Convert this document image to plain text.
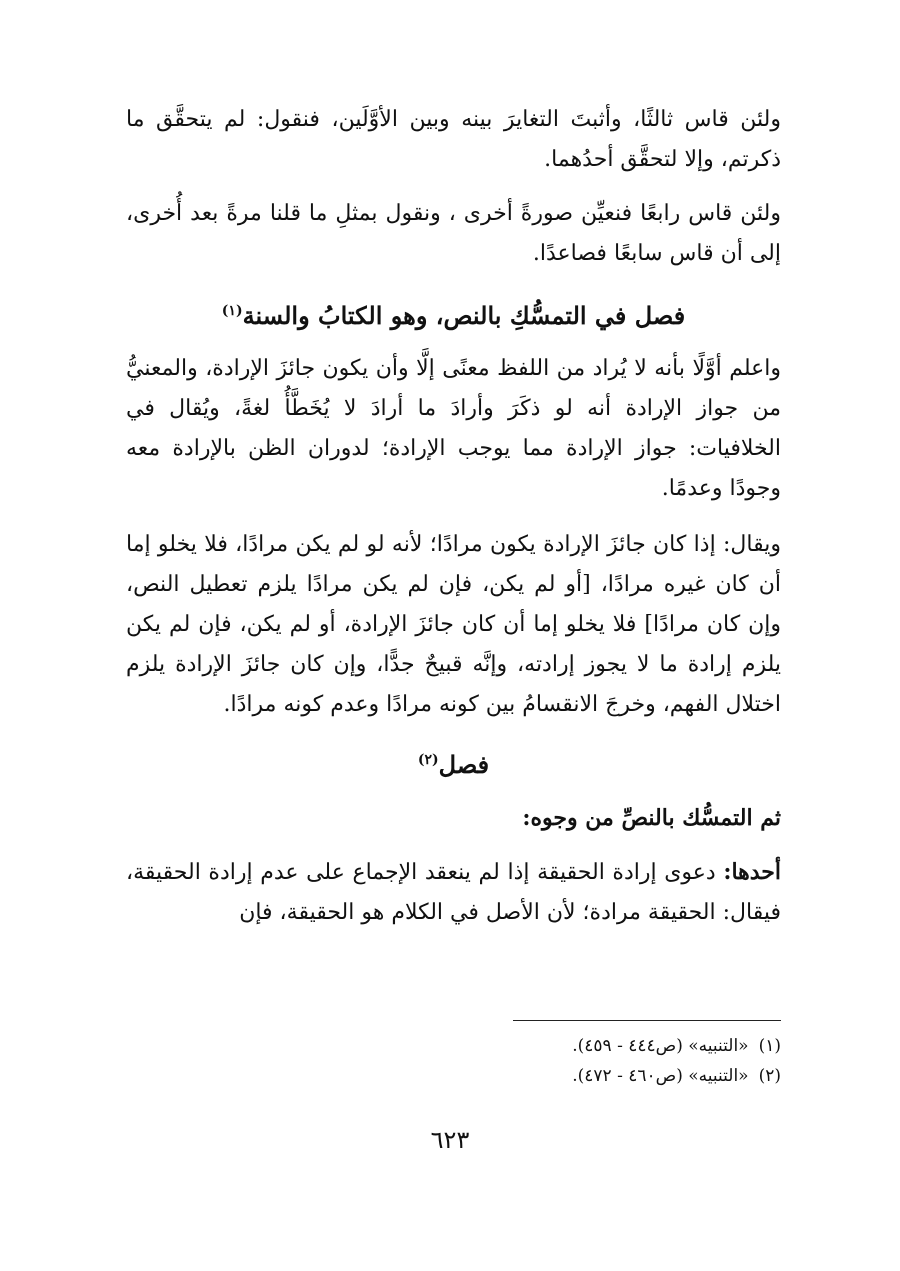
ولئن قاس ثالثًا، وأثبتَ التغايرَ بينه وبين الأوَّلَين، فنقول: لم يتحقَّق ما ذكرتم، وإلا لتحقَّق أحدُهما.

ولئن قاس رابعًا فنعيِّن صورةً أخرى ، ونقول بمثلِ ما قلنا مرةً بعد أُخرى، إلى أن قاس سابعًا فصاعدًا.

فصل في التمسُّكِ بالنص، وهو الكتابُ والسنة$^{(١)}$

واعلم أوَّلًا بأنه لا يُراد من اللفظ معنًى إلَّا وأن يكون جائزَ الإرادة، والمعنيُّ من جواز الإرادة أنه لو ذكَرَ وأرادَ ما أرادَ لا يُخَطَّأُ لغةً، ويُقال في الخلافيات: جواز الإرادة مما يوجب الإرادة؛ لدوران الظن بالإرادة معه وجودًا وعدمًا.

ويقال: إذا كان جائزَ الإرادة يكون مرادًا؛ لأنه لو لم يكن مرادًا، فلا يخلو إما أن كان غيره مرادًا، [أو لم يكن، فإن لم يكن مرادًا يلزم تعطيل النص، وإن كان مرادًا] فلا يخلو إما أن كان جائزَ الإرادة، أو لم يكن، فإن لم يكن يلزم إرادة ما لا يجوز إرادته، وإنَّه قبيحٌ جدًّا، وإن كان جائزَ الإرادة يلزم اختلال الفهم، وخرجَ الانقسامُ بين كونه مرادًا وعدم كونه مرادًا.

فصل$^{(٢)}$
ثم التمسُّك بالنصِّ من وجوه:

أحدها: دعوى إرادة الحقيقة إذا لم ينعقد الإجماع على عدم إرادة الحقيقة، فيقال: الحقيقة مرادة؛ لأن الأصل في الكلام هو الحقيقة، فإن

(١)«التنبيه» (ص٤٤٤ - ٤٥٩).

(٢)«التنبيه» (ص٤٦٠ - ٤٧٢).

٦٢٣
